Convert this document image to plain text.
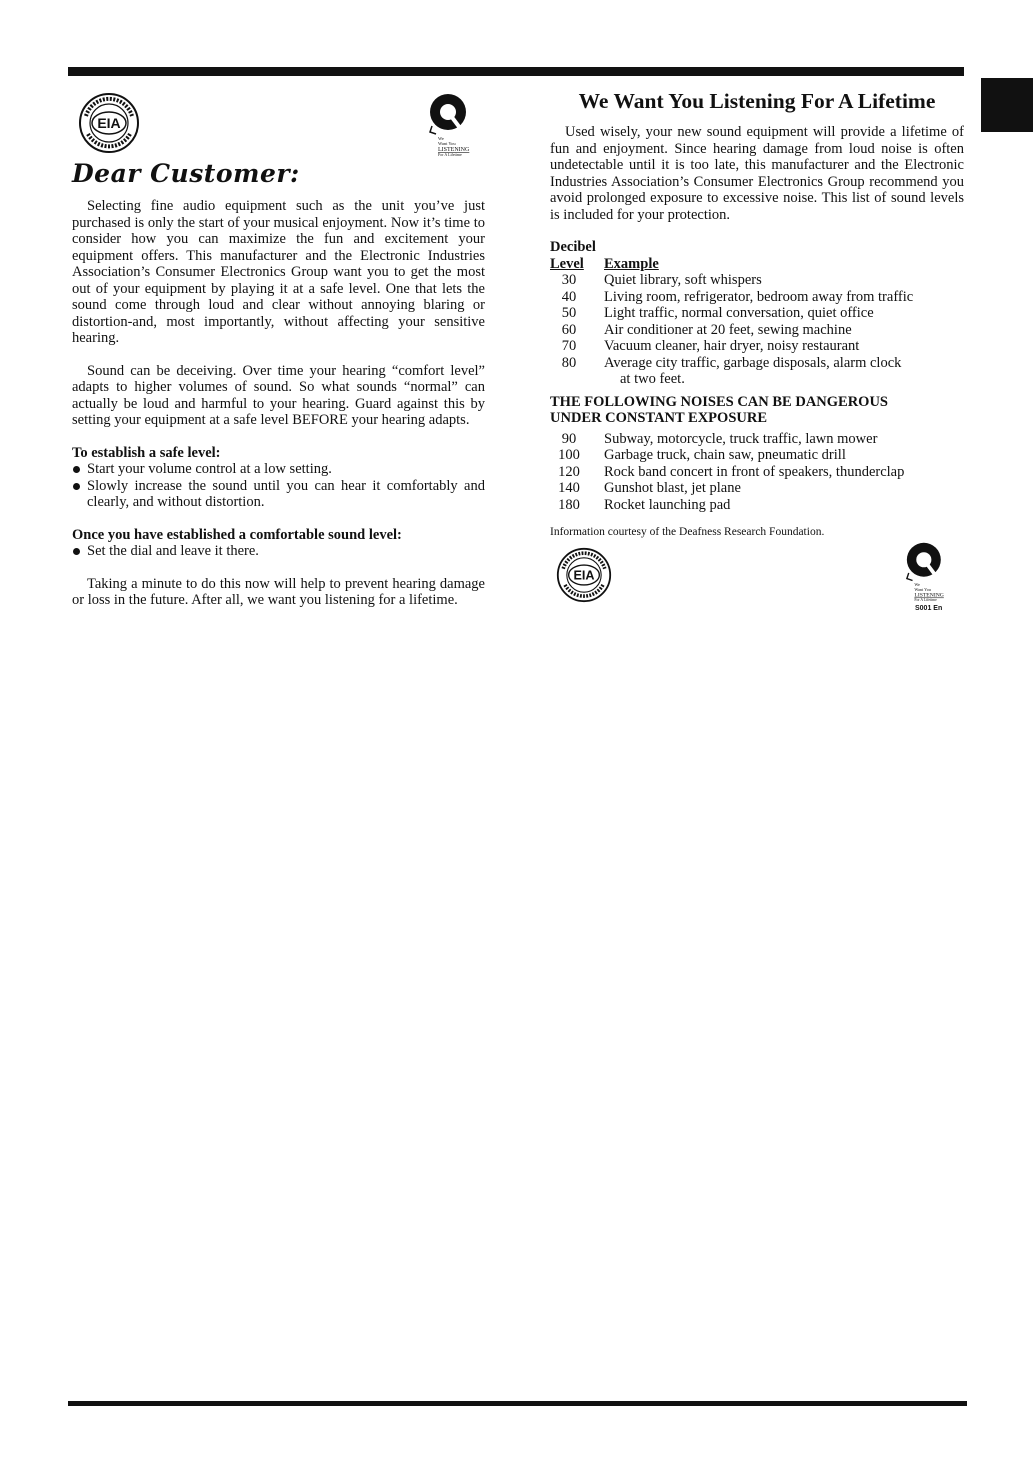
EIA
We
Want You
LISTENING
For A Lifetime
Dear Customer:

Selecting fine audio equipment such as the unit you’ve just purchased is only the start of your musical enjoyment. Now it’s time to consider how you can maximize the fun and excitement your equipment offers. This manufacturer and the Electronic Industries Association’s Consumer Electronics Group want you to get the most out of your equipment by playing it at a safe level. One that lets the sound come through loud and clear without annoying blaring or distortion-and, most importantly, without affecting your sensitive hearing.

Sound can be deceiving. Over time your hearing “comfort level” adapts to higher volumes of sound. So what sounds “normal” can actually be loud and harmful to your hearing. Guard against this by setting your equipment at a safe level BEFORE your hearing adapts.

To establish a safe level:

Start your volume control at a low setting.
Slowly increase the sound until you can hear it comfortably and clearly, and without distortion.

Once you have established a comfortable sound level:

Set the dial and leave it there.

Taking a minute to do this now will help to prevent hearing damage or loss in the future. After all, we want you listening for a lifetime.

We Want You Listening For A Lifetime

Used wisely, your new sound equipment will provide a lifetime of fun and enjoyment. Since hearing damage from loud noise is often undetectable until it is too late, this manufacturer and the Electronic Industries Association’s Consumer Electronics Group recommend you avoid prolonged exposure to excessive noise. This list of sound levels is included for your protection.

Decibel
Level	Example
30	Quiet library, soft whispers
40	Living room, refrigerator, bedroom away from traffic
50	Light traffic, normal conversation, quiet office
60	Air conditioner at 20 feet, sewing machine
70	Vacuum cleaner, hair dryer, noisy restaurant
80	Average city traffic, garbage disposals, alarm clock
at two feet.
THE FOLLOWING NOISES CAN BE DANGEROUS
UNDER CONSTANT EXPOSURE
90	Subway, motorcycle, truck traffic, lawn mower
100	Garbage truck, chain saw, pneumatic drill
120	Rock band concert in front of speakers, thunderclap
140	Gunshot blast, jet plane
180	Rocket launching pad

Information courtesy of the Deafness Research Foundation.

EIA
We
Want You
LISTENING
For A Lifetime
S001 En
